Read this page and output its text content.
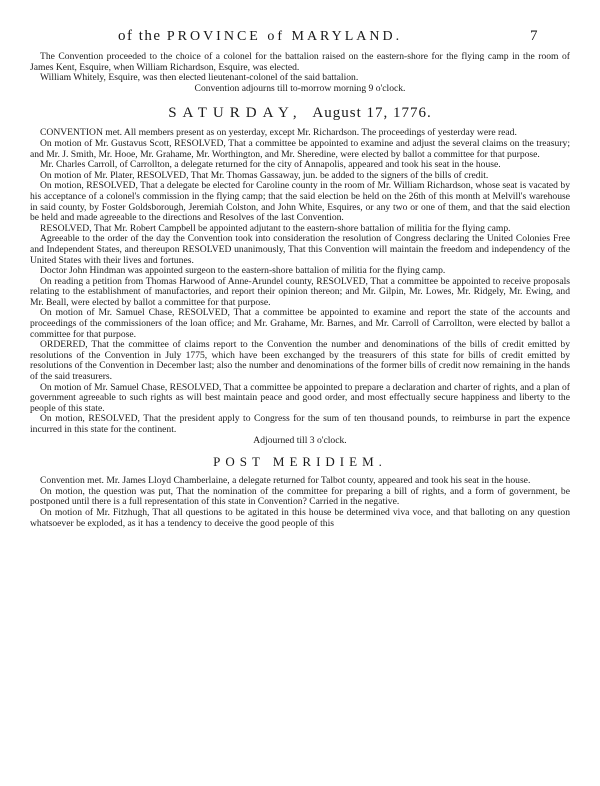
of the PROVINCE of MARYLAND.	7

The Convention proceeded to the choice of a colonel for the battalion raised on the eastern-shore for the flying camp in the room of James Kent, Esquire, when William Richardson, Esquire, was elected.

William Whitely, Esquire, was then elected lieutenant-colonel of the said battalion.

Convention adjourns till to-morrow morning 9 o'clock.

SATURDAY, August 17, 1776.

CONVENTION met. All members present as on yesterday, except Mr. Richardson. The proceedings of yesterday were read.

On motion of Mr. Gustavus Scott, RESOLVED, That a committee be appointed to examine and adjust the several claims on the treasury; and Mr. J. Smith, Mr. Hooe, Mr. Grahame, Mr. Worthington, and Mr. Sheredine, were elected by ballot a committee for that purpose.

Mr. Charles Carroll, of Carrollton, a delegate returned for the city of Annapolis, appeared and took his seat in the house.

On motion of Mr. Plater, RESOLVED, That Mr. Thomas Gassaway, jun. be added to the signers of the bills of credit.

On motion, RESOLVED, That a delegate be elected for Caroline county in the room of Mr. William Richardson, whose seat is vacated by his acceptance of a colonel's commission in the flying camp; that the said election be held on the 26th of this month at Melvill's warehouse in said county, by Foster Goldsborough, Jeremiah Colston, and John White, Esquires, or any two or one of them, and that the said election be held and made agreeable to the directions and Resolves of the last Convention.

RESOLVED, That Mr. Robert Campbell be appointed adjutant to the eastern-shore battalion of militia for the flying camp.

Agreeable to the order of the day the Convention took into consideration the resolution of Congress declaring the United Colonies Free and Independent States, and thereupon RESOLVED unanimously, That this Convention will maintain the freedom and independency of the United States with their lives and fortunes.

Doctor John Hindman was appointed surgeon to the eastern-shore battalion of militia for the flying camp.

On reading a petition from Thomas Harwood of Anne-Arundel county, RESOLVED, That a committee be appointed to receive proposals relating to the establishment of manufactories, and report their opinion thereon; and Mr. Gilpin, Mr. Lowes, Mr. Ridgely, Mr. Ewing, and Mr. Beall, were elected by ballot a committee for that purpose.

On motion of Mr. Samuel Chase, RESOLVED, That a committee be appointed to examine and report the state of the accounts and proceedings of the commissioners of the loan office; and Mr. Grahame, Mr. Barnes, and Mr. Carroll of Carrollton, were elected by ballot a committee for that purpose.

ORDERED, That the committee of claims report to the Convention the number and denominations of the bills of credit emitted by resolutions of the Convention in July 1775, which have been exchanged by the treasurers of this state for bills of credit emitted by resolutions of the Convention in December last; also the number and denominations of the former bills of credit now remaining in the hands of the said treasurers.

On motion of Mr. Samuel Chase, RESOLVED, That a committee be appointed to prepare a declaration and charter of rights, and a plan of government agreeable to such rights as will best maintain peace and good order, and most effectually secure happiness and liberty to the people of this state.

On motion, RESOLVED, That the president apply to Congress for the sum of ten thousand pounds, to reimburse in part the expence incurred in this state for the continent.

Adjourned till 3 o'clock.

POST MERIDIEM.

Convention met. Mr. James Lloyd Chamberlaine, a delegate returned for Talbot county, appeared and took his seat in the house.

On motion, the question was put, That the nomination of the committee for preparing a bill of rights, and a form of government, be postponed until there is a full representation of this state in Convention? Carried in the negative.

On motion of Mr. Fitzhugh, That all questions to be agitated in this house be determined viva voce, and that balloting on any question whatsoever be exploded, as it has a tendency to deceive the good people of this
